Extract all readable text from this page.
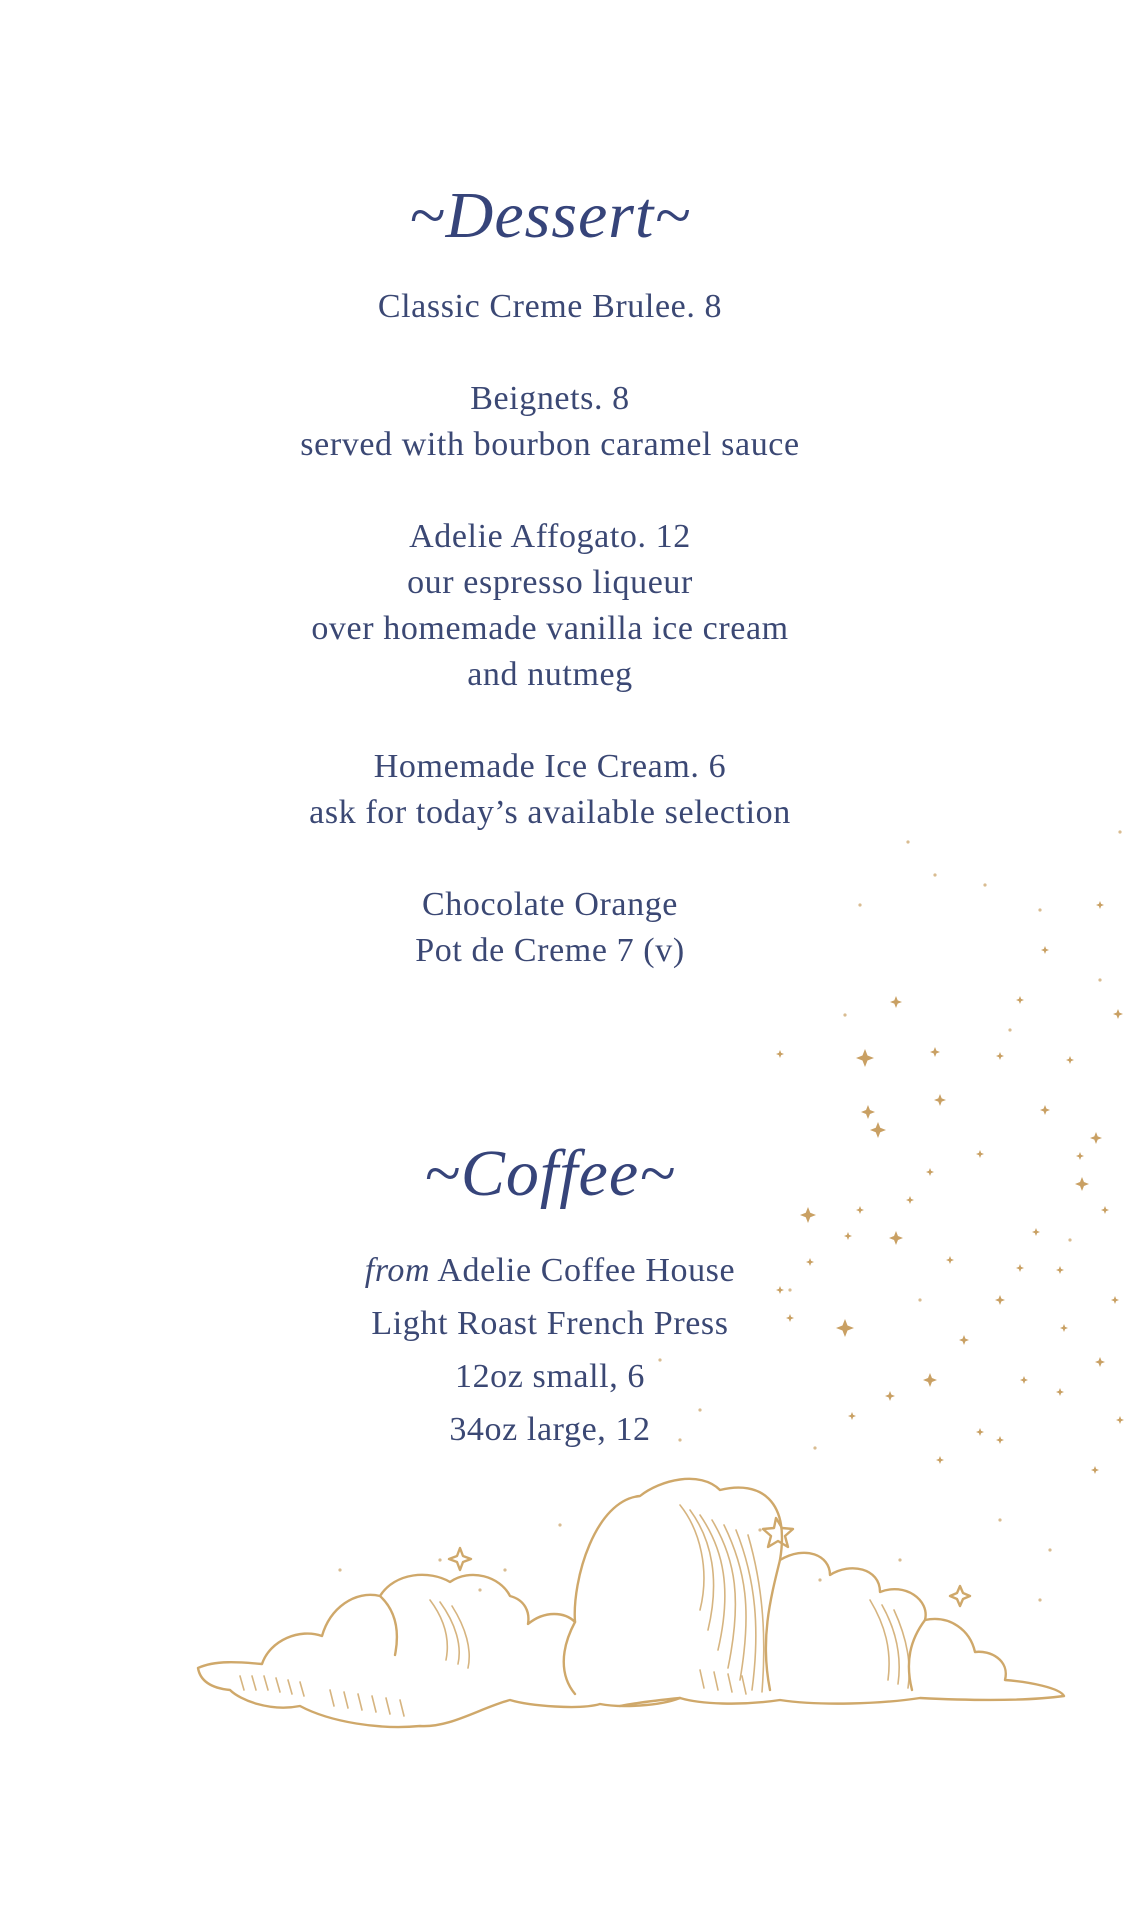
~Dessert~
Classic Creme Brulee. 8
Beignets. 8
served with bourbon caramel sauce
Adelie Affogato. 12
our espresso liqueur
over homemade vanilla ice cream
and nutmeg
Homemade Ice Cream. 6
ask for today’s available selection
Chocolate Orange
Pot de Creme 7 (v)
~Coffee~
from Adelie Coffee House
Light Roast French Press
12oz small, 6
34oz large, 12
